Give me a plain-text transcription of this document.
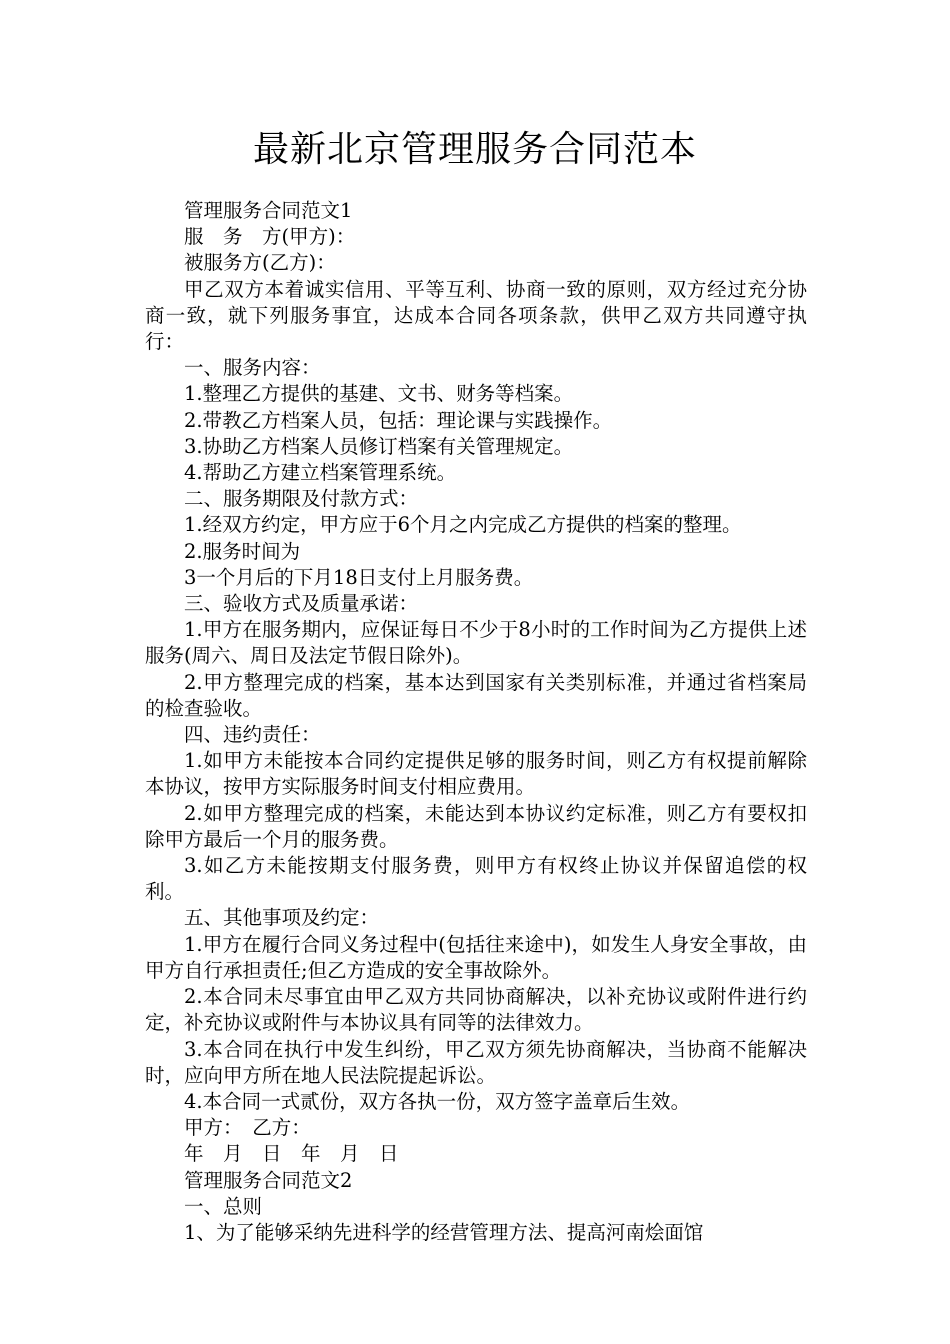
最新北京管理服务合同范本

管理服务合同范文1

服　务　方(甲方)：

被服务方(乙方)：

甲乙双方本着诚实信用、平等互利、协商一致的原则，双方经过充分协商一致，就下列服务事宜，达成本合同各项条款，供甲乙双方共同遵守执行：

一、服务内容：

1.整理乙方提供的基建、文书、财务等档案。

2.带教乙方档案人员，包括：理论课与实践操作。

3.协助乙方档案人员修订档案有关管理规定。

4.帮助乙方建立档案管理系统。

二、服务期限及付款方式：

1.经双方约定，甲方应于6个月之内完成乙方提供的档案的整理。

2.服务时间为

3一个月后的下月18日支付上月服务费。

三、验收方式及质量承诺：

1.甲方在服务期内，应保证每日不少于8小时的工作时间为乙方提供上述服务(周六、周日及法定节假日除外)。

2.甲方整理完成的档案，基本达到国家有关类别标准，并通过省档案局的检查验收。

四、违约责任：

1.如甲方未能按本合同约定提供足够的服务时间，则乙方有权提前解除本协议，按甲方实际服务时间支付相应费用。

2.如甲方整理完成的档案，未能达到本协议约定标准，则乙方有要权扣除甲方最后一个月的服务费。

3.如乙方未能按期支付服务费，则甲方有权终止协议并保留追偿的权利。

五、其他事项及约定：

1.甲方在履行合同义务过程中(包括往来途中)，如发生人身安全事故，由甲方自行承担责任;但乙方造成的安全事故除外。

2.本合同未尽事宜由甲乙双方共同协商解决，以补充协议或附件进行约定，补充协议或附件与本协议具有同等的法律效力。

3.本合同在执行中发生纠纷，甲乙双方须先协商解决，当协商不能解决时，应向甲方所在地人民法院提起诉讼。

4.本合同一式贰份，双方各执一份，双方签字盖章后生效。

甲方：　乙方：

年　月　日　年　月　日

管理服务合同范文2

一、总则

1、为了能够采纳先进科学的经营管理方法、提高河南烩面馆
